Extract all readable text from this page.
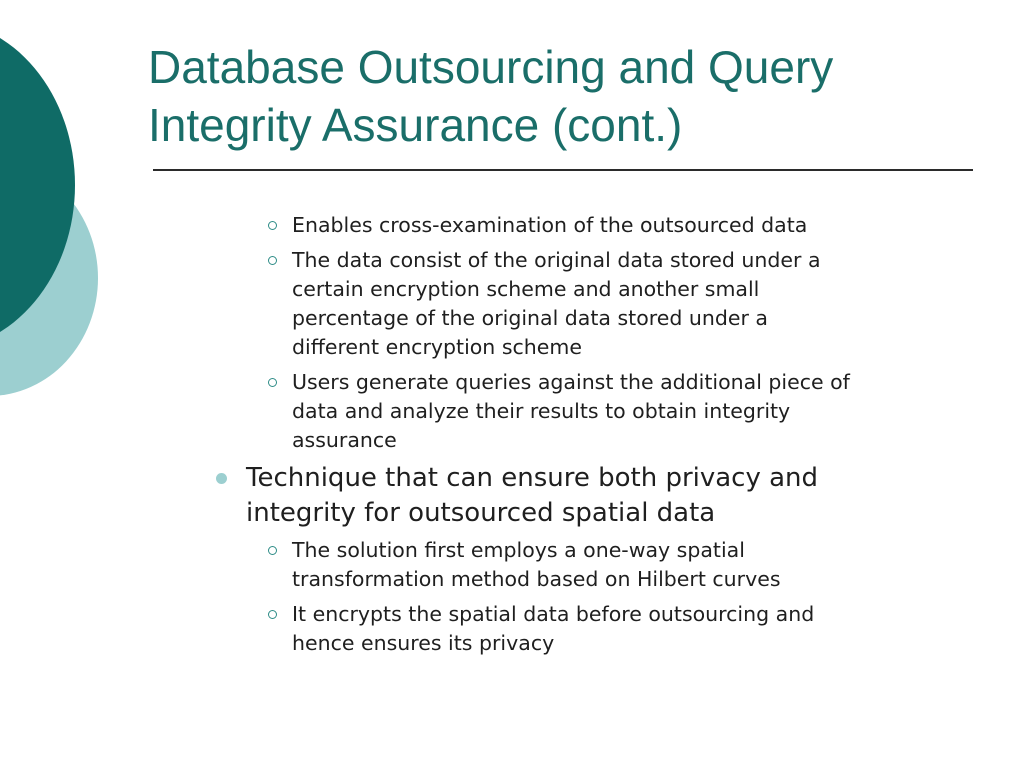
Database Outsourcing and Query
Integrity Assurance (cont.)
Enables cross-examination of the outsourced data
The data consist of the original data stored under a
certain encryption scheme and another small
percentage of the original data stored under a
different encryption scheme
Users generate queries against the additional piece of
data and analyze their results to obtain integrity
assurance
Technique that can ensure both privacy and
integrity for outsourced spatial data
The solution first employs a one-way spatial
transformation method based on Hilbert curves
It encrypts the spatial data before outsourcing and
hence ensures its privacy
